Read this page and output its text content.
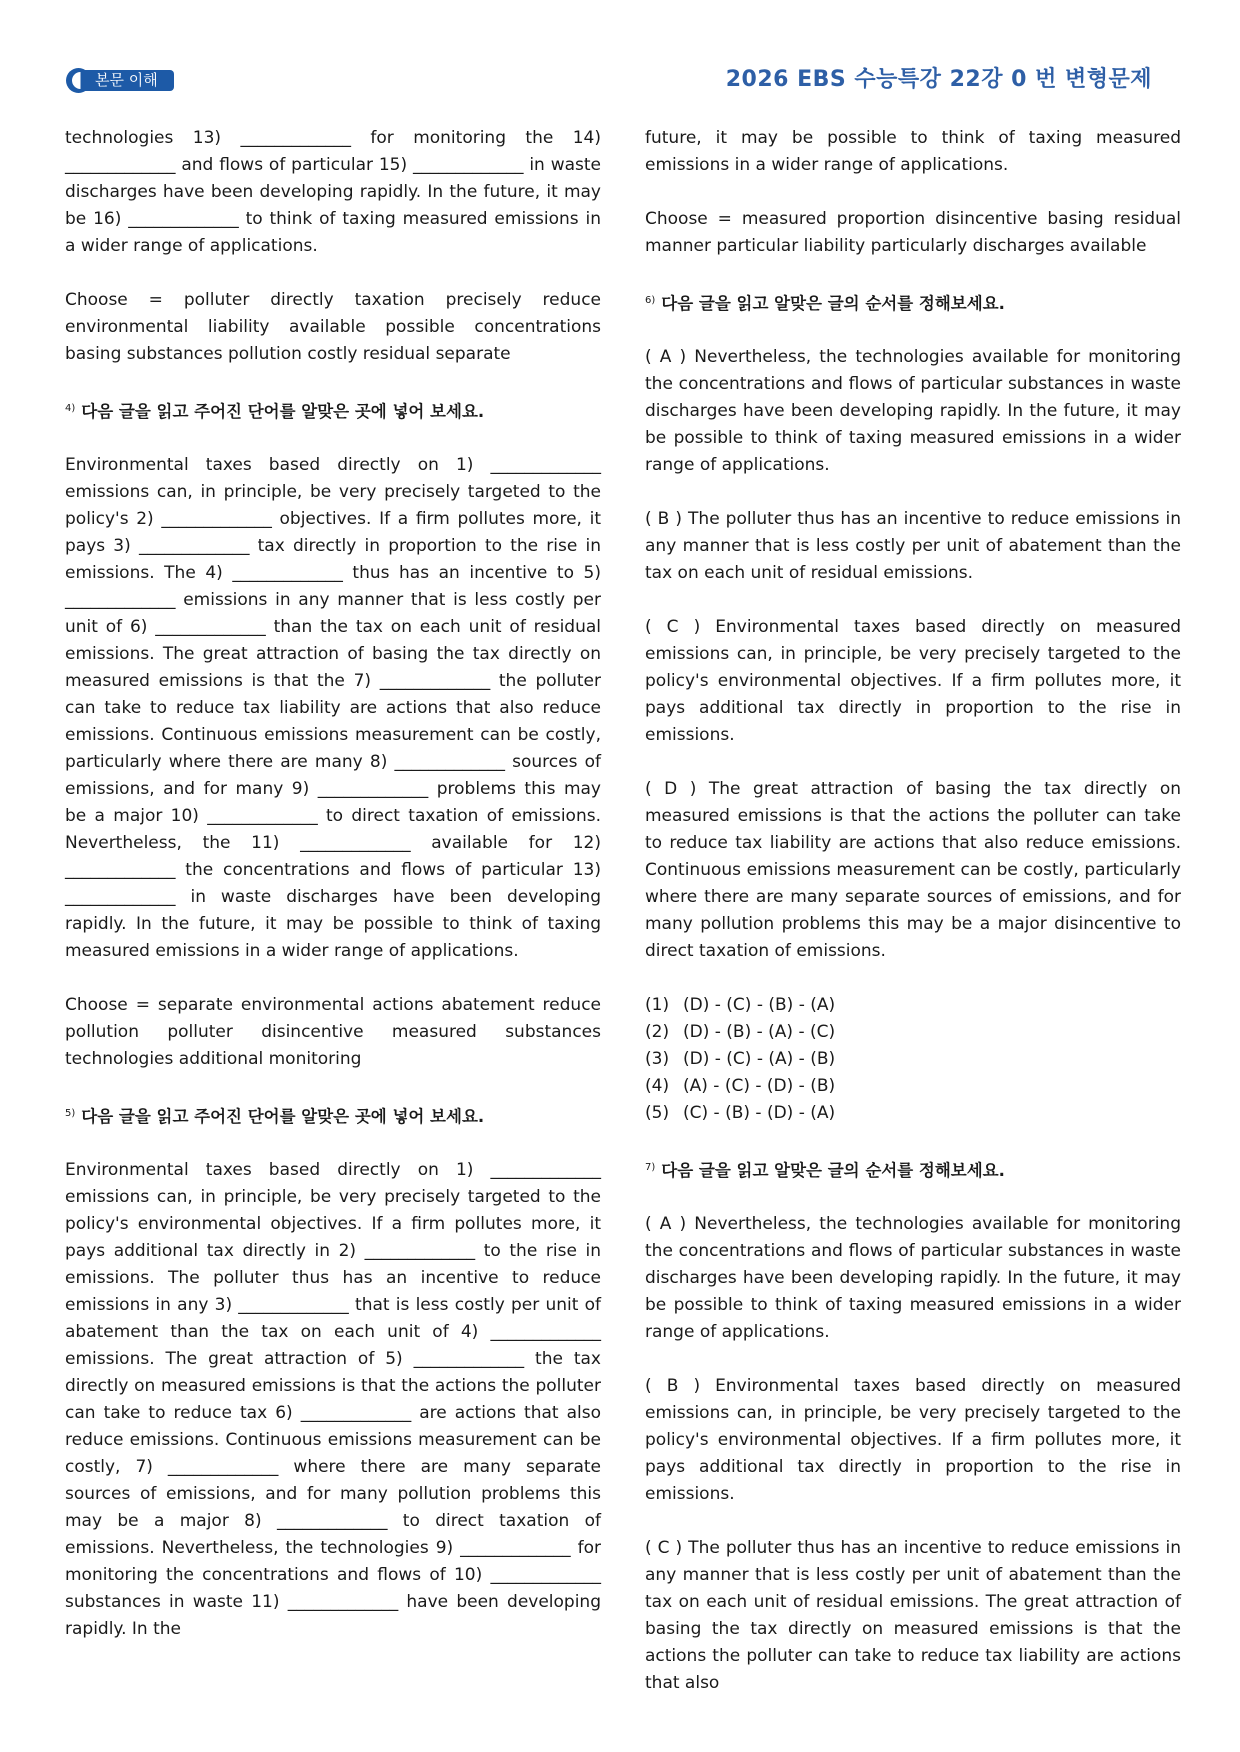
본문 이해	2026 EBS 수능특강 22강 0 번 변형문제

technologies 13) _____________ for monitoring the 14) _____________ and flows of particular 15) _____________ in waste discharges have been developing rapidly. In the future, it may be 16) _____________ to think of taxing measured emissions in a wider range of applications.

Choose = polluter directly taxation precisely reduce environmental liability available possible concentrations basing substances pollution costly residual separate

$^{4)}$ 다음 글을 읽고 주어진 단어를 알맞은 곳에 넣어 보세요.

Environmental taxes based directly on 1) _____________ emissions can, in principle, be very precisely targeted to the policy's 2) _____________ objectives. If a firm pollutes more, it pays 3) _____________ tax directly in proportion to the rise in emissions. The 4) _____________ thus has an incentive to 5) _____________ emissions in any manner that is less costly per unit of 6) _____________ than the tax on each unit of residual emissions. The great attraction of basing the tax directly on measured emissions is that the 7) _____________ the polluter can take to reduce tax liability are actions that also reduce emissions. Continuous emissions measurement can be costly, particularly where there are many 8) _____________ sources of emissions, and for many 9) _____________ problems this may be a major 10) _____________ to direct taxation of emissions. Nevertheless, the 11) _____________ available for 12) _____________ the concentrations and flows of particular 13) _____________ in waste discharges have been developing rapidly. In the future, it may be possible to think of taxing measured emissions in a wider range of applications.

Choose = separate environmental actions abatement reduce pollution polluter disincentive measured substances technologies additional monitoring

$^{5)}$ 다음 글을 읽고 주어진 단어를 알맞은 곳에 넣어 보세요.

Environmental taxes based directly on 1) _____________ emissions can, in principle, be very precisely targeted to the policy's environmental objectives. If a firm pollutes more, it pays additional tax directly in 2) _____________ to the rise in emissions. The polluter thus has an incentive to reduce emissions in any 3) _____________ that is less costly per unit of abatement than the tax on each unit of 4) _____________ emissions. The great attraction of 5) _____________ the tax directly on measured emissions is that the actions the polluter can take to reduce tax 6) _____________ are actions that also reduce emissions. Continuous emissions measurement can be costly, 7) _____________ where there are many separate sources of emissions, and for many pollution problems this may be a major 8) _____________ to direct taxation of emissions. Nevertheless, the technologies 9) _____________ for monitoring the concentrations and flows of 10) _____________ substances in waste 11) _____________ have been developing rapidly. In the

future, it may be possible to think of taxing measured emissions in a wider range of applications.

Choose = measured proportion disincentive basing residual manner particular liability particularly discharges available

$^{6)}$ 다음 글을 읽고 알맞은 글의 순서를 정해보세요.

( A ) Nevertheless, the technologies available for monitoring the concentrations and flows of particular substances in waste discharges have been developing rapidly. In the future, it may be possible to think of taxing measured emissions in a wider range of applications.

( B ) The polluter thus has an incentive to reduce emissions in any manner that is less costly per unit of abatement than the tax on each unit of residual emissions.

( C ) Environmental taxes based directly on measured emissions can, in principle, be very precisely targeted to the policy's environmental objectives. If a firm pollutes more, it pays additional tax directly in proportion to the rise in emissions.

( D ) The great attraction of basing the tax directly on measured emissions is that the actions the polluter can take to reduce tax liability are actions that also reduce emissions. Continuous emissions measurement can be costly, particularly where there are many separate sources of emissions, and for many pollution problems this may be a major disincentive to direct taxation of emissions.

(1) (D) - (C) - (B) - (A)

(2) (D) - (B) - (A) - (C)

(3) (D) - (C) - (A) - (B)

(4) (A) - (C) - (D) - (B)

(5) (C) - (B) - (D) - (A)

$^{7)}$ 다음 글을 읽고 알맞은 글의 순서를 정해보세요.

( A ) Nevertheless, the technologies available for monitoring the concentrations and flows of particular substances in waste discharges have been developing rapidly. In the future, it may be possible to think of taxing measured emissions in a wider range of applications.

( B ) Environmental taxes based directly on measured emissions can, in principle, be very precisely targeted to the policy's environmental objectives. If a firm pollutes more, it pays additional tax directly in proportion to the rise in emissions.

( C ) The polluter thus has an incentive to reduce emissions in any manner that is less costly per unit of abatement than the tax on each unit of residual emissions. The great attraction of basing the tax directly on measured emissions is that the actions the polluter can take to reduce tax liability are actions that also
